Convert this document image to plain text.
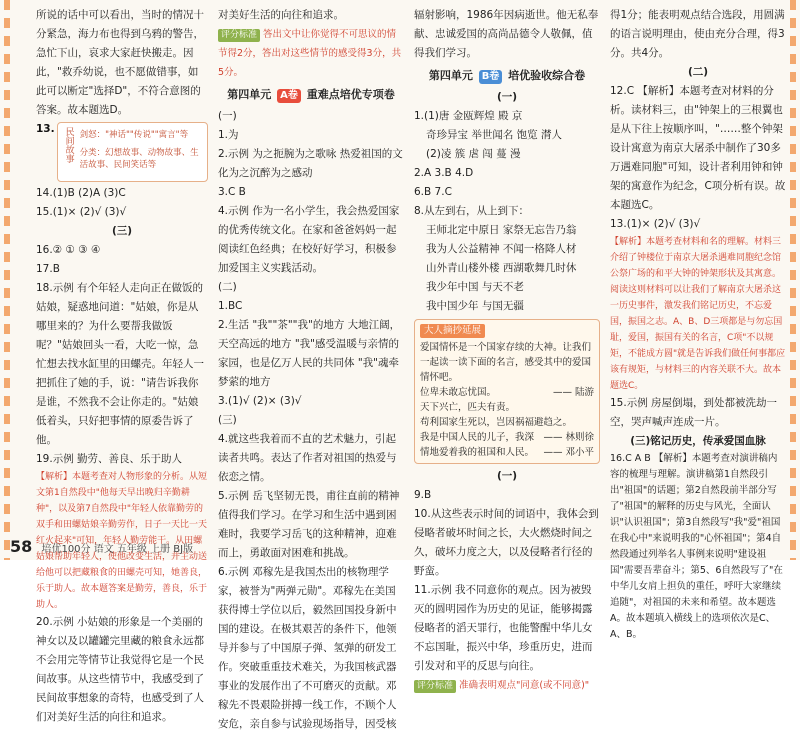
所说的话中可以看出，当时的情况十分紧急，海力布也得到乌鸦的警告，急忙下山，哀求大家赶快搬走。因此，"救乔幼说，也不愿做错事，如此可以断定"选择D"，不符合意图的答案。故本题选D。

13.	民间故事 剑怒："神话""传说""寓言"等
分类：幻想故事、动物故事、生活故事、民间笑话等

14.(1)B (2)A (3)C

15.(1)× (2)√ (3)√

(三)

16.② ① ③ ④

17.B

18.示例 有个年轻人走向正在做饭的姑娘，疑惑地问道："姑娘，你是从哪里来的？为什么要帮我做饭呢？"姑娘回头一看，大吃一惊，急忙想去找水缸里的田螺壳。年轻人一把抓住了她的手，说："请告诉我你是谁，不然我不会让你走的。"姑娘低着头，只好把事情的原委告诉了他。

19.示例 勤劳、善良、乐于助人

【解析】本题考查对人物形象的分析。从短文第1自然段中"他每天早出晚归辛勤耕种"，以及第7自然段中"年轻人依靠勤劳的双手和田螺姑娘辛勤劳作，日子一天比一天红火起来"可知，年轻人勤劳能干。从田螺姑娘帮助年轻人，使他改变生活，并主动送给他可以把藏粮食的田螺壳可知，她善良，乐于助人。故本题答案是勤劳，善良，乐于助人。

20.示例 小姑娘的形象是一个美丽的神女以及以罐罐完里藏的粮食永远都不会用完等情节让我觉得它是一个民间故事。从这些情节中，我感受到了民间故事想象的奇特，也感受到了人们对美好生活的向往和追求。

对美好生活的向往和追求。

评分标准 答出文中让你觉得不可思议的情节得2分，答出对这些情节的感受得3分，共5分。

第四单元 A卷 重难点培优专项卷

(一)

1.为

2.示例 为之扼腕为之歌咏 热爱祖国的文化为之沉醉为之感动

3.C B

4.示例 作为一名小学生，我会热爱国家的优秀传统文化。在家和爸爸妈妈一起阅读红色经典；在校好好学习，积极参加爱国主义实践活动。

(二)

1.BC

2.生活 "我""茶""我"的地方 大地江阔，天空高远的地方 "我"感受温暖与亲情的家园，也是亿万人民的共同体 "我"魂牵梦萦的地方

3.(1)√ (2)× (3)√

(三)

4.就这些我着而不直的艺术魅力，引起读者共鸣。表达了作者对祖国的热爱与依恋之情。

5.示例 岳飞坚韧无畏，甫往直前的精神值得我们学习。在学习和生活中遇到困难时，我要学习岳飞的这种精神，迎难而上，勇敢面对困难和挑战。

6.示例 邓稼先是我国杰出的核物理学家，被誉为"两弹元勋"。邓稼先在美国获得博士学位以后，毅然回国投身新中国的建设。在极其艰苦的条件下，他领导并参与了中国原子弹、氢弹的研发工作。突破重重技术难关，为我国核武器事业的发展作出了不可磨灭的贡献。邓稼先不畏艰险拼搏一线工作，不顾个人安危，亲自参与试验现场指导，因受核

辐射影响，1986年因病逝世。他无私奉献、忠诚爱国的高尚品德令人敬佩，值得我们学习。

第四单元 B卷 培优验收综合卷

(一)

1.(1)唐 金瓯辉煌 殿 京

奇珍异宝 举世闻名 饱览 潸人

(2)凌 簇 虐 闯 蔓 漫

2.A 3.B 4.D

6.B 7.C

8.从左到右，从上到下：

王师北定中原日 家祭无忘告乃翁

我为人公益精神 不闻一格降人材

山外青山楼外楼 西湖歌舞几时休

我少年中国 与天不老

我中国少年 与国无疆

大人摘抄延展
爱国情怀是一个国家存续的大神。让我们一起读一读下面的名言，感受其中的爱国情怀吧。
位卑未敢忘忧国。	—— 陆游
天下兴亡，匹夫有责。
苟利国家生死以，岂因祸福避趋之。
—— 林则徐
我是中国人民的儿子，我深情地爱着我的祖国和人民。 —— 邓小平

(一)

9.B

10.从这些表示时间的词语中，我体会到侵略者破坏时间之长，大火燃烧时间之久，破坏力度之大，以及侵略者行径的野蛮。

11.示例 我不同意你的观点。因为被毁灭的圆明园作为历史的见证，能够揭露侵略者的滔天罪行，也能警醒中华儿女不忘国耻，振兴中华，珍重历史，进而引发对和平的反思与向往。

评分标准 准确表明观点"同意(或不同意)"

得1分；能表明观点结合选段，用圆满的语言说明理由，使由充分合理，得3分。共4分。

(二)

12.C 【解析】本题考查对材料的分析。读材料三，由"钟架上的三根翼也是从下往上按顺序叫，"……整个钟架设计寓意为南京大屠杀中制作了30多万遇难同胞"可知，设计者利用钟和钟架的寓意作为纪念，C项分析有误。故本题选C。

13.(1)× (2)√ (3)√

【解析】本题考查材料和名的理解。材料三介绍了钟楼位于南京大屠杀遇难同胞纪念馆公祭广场的和平大钟的钟架形状及其寓意。阅读这则材料可以让我们了解南京大屠杀这一历史事件，激发我们铭记历史，不忘爱国，振国之志。A、B、D三项都是与勿忘国耻，爱国，振国有关的名言，C项"不以规矩，不能成方圆"就是告诉我们做任何事都应该有规矩，与材料三的内容关联不大。故本题选C。

15.示例 房屋倒塌，到处都被洗劫一空，哭声喊声连成一片。

(三)铭记历史，传承爱国血脉

16.C A B 【解析】本题考查对演讲稿内容的梳理与理解。演讲稿第1自然段引出"祖国"的话题；第2自然段前半部分写了"祖国"的解释的历史与风光，全面认识"认识祖国"；第3自然段写"我"爱"祖国在我心中"来说明我的"心怀祖国"；第4自然段通过列举名人事例来说明"建设祖国"需要吾辈奋斗；第5、6自然段写了"在中华儿女肩上担负的重任，呼吁大家继续追随"，对祖国的未来和希望。故本题选A。故本题填入横线上的选项依次是C、A、B。

58 培优100分 语文 五年级 上册 BJ版
